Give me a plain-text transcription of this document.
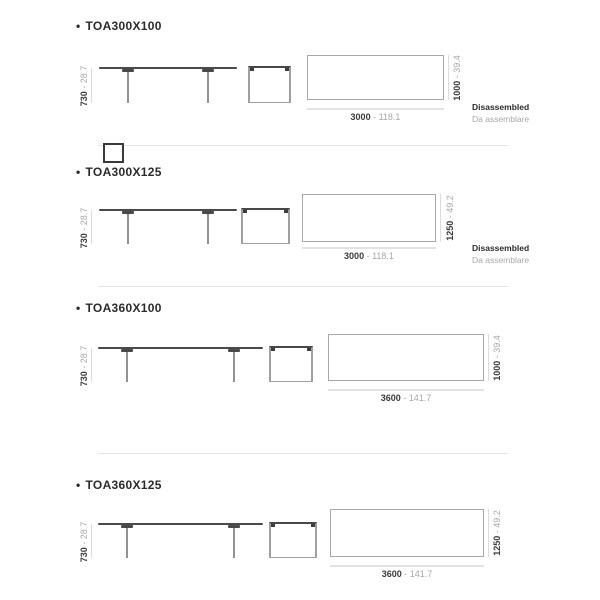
• TOA300X100
730 - 28.7
1000 - 39.4
3000 - 118.1
Disassembled
Da assemblare
• TOA300X125
730 - 28.7
1250 - 49.2
3000 - 118.1
Disassembled
Da assemblare
• TOA360X100
730 - 28.7
1000 - 39.4
3600 - 141.7
• TOA360X125
730 - 28.7
1250 - 49.2
3600 - 141.7
